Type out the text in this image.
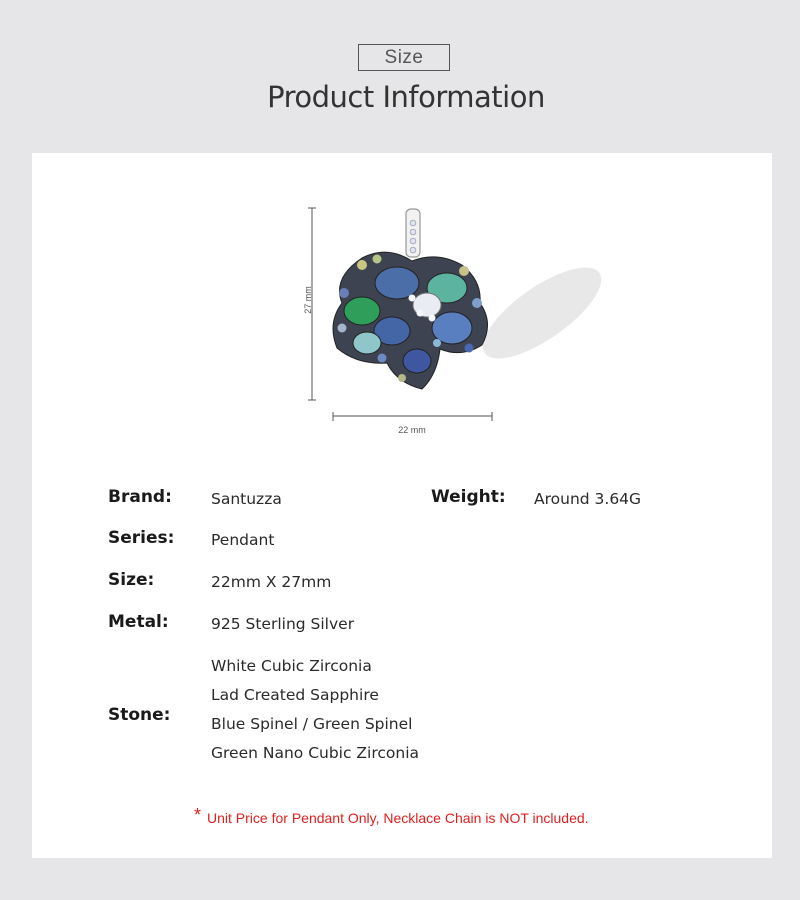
Size
Product Information
27 mm
22 mm
Brand:	Santuzza	Weight: Around 3.64G
Series: Pendant
Size:	22mm X 27mm
Metal:	925 Sterling Silver
Stone:
White Cubic Zirconia
Lad Created Sapphire
Blue Spinel / Green Spinel
Green Nano Cubic Zirconia
* Unit Price for Pendant Only, Necklace Chain is NOT included.
